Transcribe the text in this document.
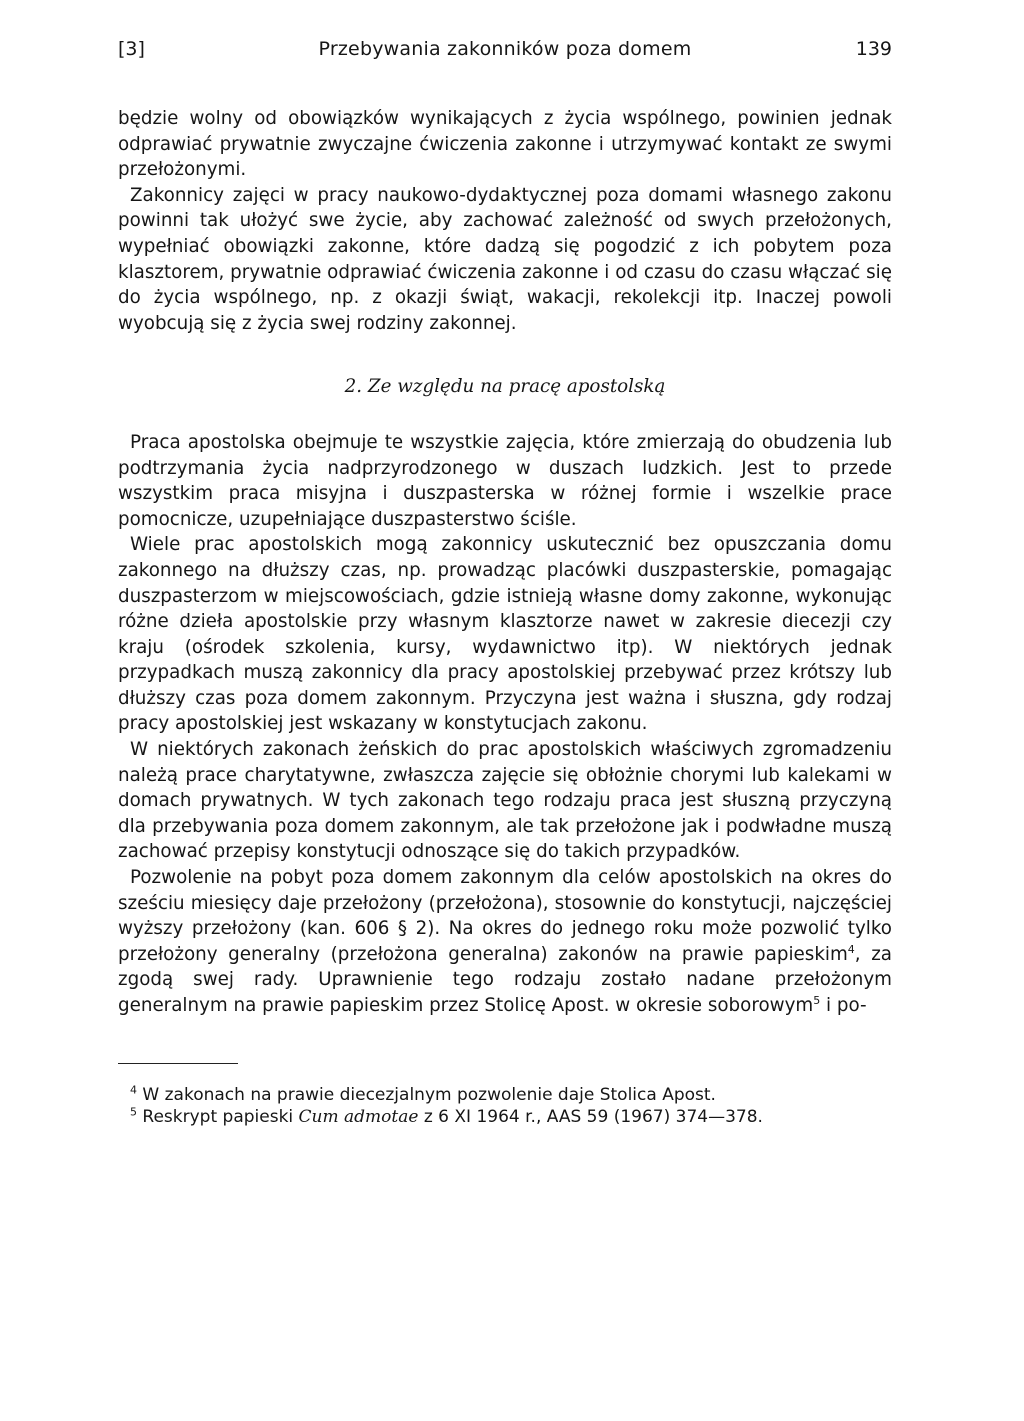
[3]	Przebywania zakonników poza domem	139

będzie wolny od obowiązków wynikających z życia wspólnego, powinien jednak odprawiać prywatnie zwyczajne ćwiczenia zakonne i utrzymywać kontakt ze swymi przełożonymi.

Zakonnicy zajęci w pracy naukowo-dydaktycznej poza domami własnego zakonu powinni tak ułożyć swe życie, aby zachować zależność od swych przełożonych, wypełniać obowiązki zakonne, które dadzą się pogodzić z ich pobytem poza klasztorem, prywatnie odprawiać ćwiczenia zakonne i od czasu do czasu włączać się do życia wspólnego, np. z okazji świąt, wakacji, rekolekcji itp. Inaczej powoli wyobcują się z życia swej rodziny zakonnej.

2. Ze względu na pracę apostolską

Praca apostolska obejmuje te wszystkie zajęcia, które zmierzają do obudzenia lub podtrzymania życia nadprzyrodzonego w duszach ludzkich. Jest to przede wszystkim praca misyjna i duszpasterska w różnej formie i wszelkie prace pomocnicze, uzupełniające duszpasterstwo ściśle.

Wiele prac apostolskich mogą zakonnicy uskutecznić bez opuszczania domu zakonnego na dłuższy czas, np. prowadząc placówki duszpasterskie, pomagając duszpasterzom w miejscowościach, gdzie istnieją własne domy zakonne, wykonując różne dzieła apostolskie przy własnym klasztorze nawet w zakresie diecezji czy kraju (ośrodek szkolenia, kursy, wydawnictwo itp). W niektórych jednak przypadkach muszą zakonnicy dla pracy apostolskiej przebywać przez krótszy lub dłuższy czas poza domem zakonnym. Przyczyna jest ważna i słuszna, gdy rodzaj pracy apostolskiej jest wskazany w konstytucjach zakonu.

W niektórych zakonach żeńskich do prac apostolskich właściwych zgromadzeniu należą prace charytatywne, zwłaszcza zajęcie się obłożnie chorymi lub kalekami w domach prywatnych. W tych zakonach tego rodzaju praca jest słuszną przyczyną dla przebywania poza domem zakonnym, ale tak przełożone jak i podwładne muszą zachować przepisy konstytucji odnoszące się do takich przypadków.

Pozwolenie na pobyt poza domem zakonnym dla celów apostolskich na okres do sześciu miesięcy daje przełożony (przełożona), stosownie do konstytucji, najczęściej wyższy przełożony (kan. 606 § 2). Na okres do jednego roku może pozwolić tylko przełożony generalny (przełożona generalna) zakonów na prawie papieskim$^4$, za zgodą swej rady. Uprawnienie tego rodzaju zostało nadane przełożonym generalnym na prawie papieskim przez Stolicę Apost. w okresie soborowym$^5$ i po-

$^4$ W zakonach na prawie diecezjalnym pozwolenie daje Stolica Apost.

$^5$ Reskrypt papieski Cum admotae z 6 XI 1964 r., AAS 59 (1967) 374—378.
